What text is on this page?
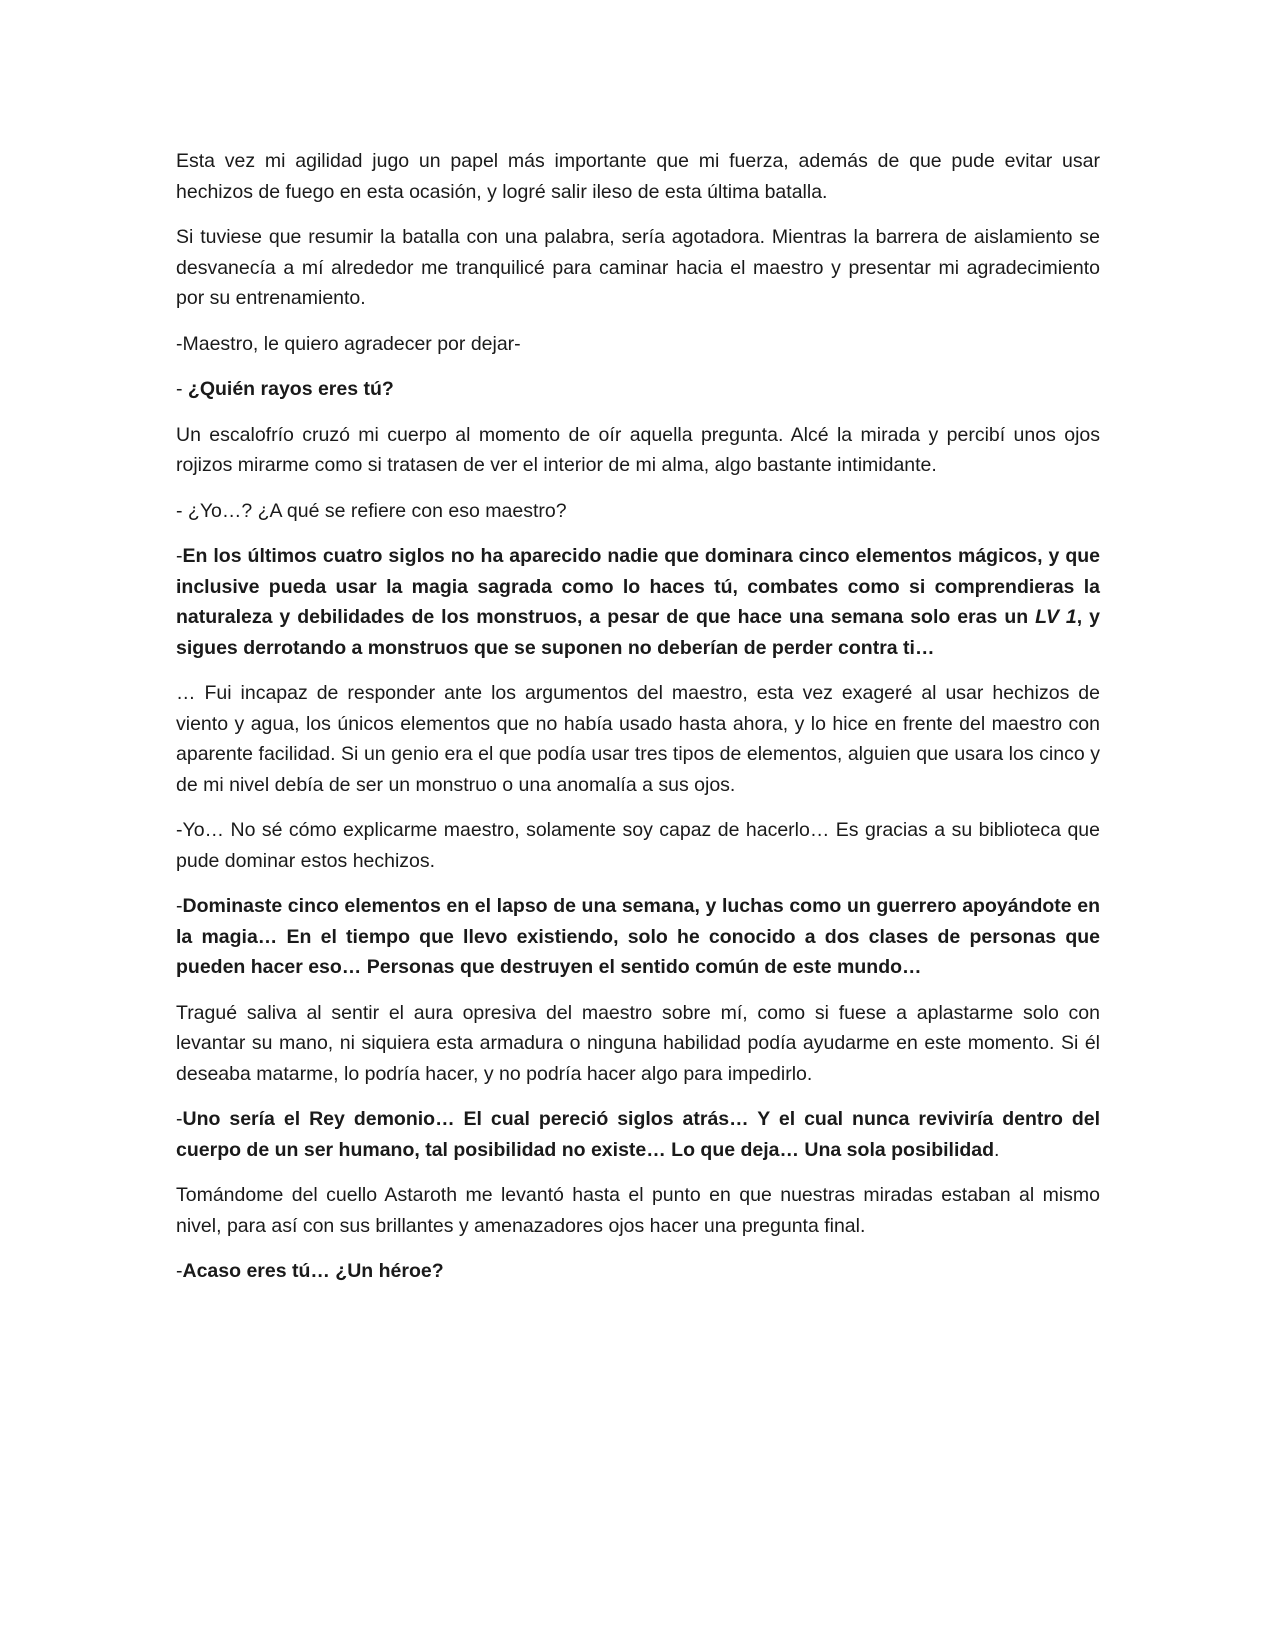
Esta vez mi agilidad jugo un papel más importante que mi fuerza, además de que pude evitar usar hechizos de fuego en esta ocasión, y logré salir ileso de esta última batalla.

Si tuviese que resumir la batalla con una palabra, sería agotadora. Mientras la barrera de aislamiento se desvanecía a mí alrededor me tranquilicé para caminar hacia el maestro y presentar mi agradecimiento por su entrenamiento.

-Maestro, le quiero agradecer por dejar-

- ¿Quién rayos eres tú?

Un escalofrío cruzó mi cuerpo al momento de oír aquella pregunta. Alcé la mirada y percibí unos ojos rojizos mirarme como si tratasen de ver el interior de mi alma, algo bastante intimidante.

- ¿Yo…? ¿A qué se refiere con eso maestro?

-En los últimos cuatro siglos no ha aparecido nadie que dominara cinco elementos mágicos, y que inclusive pueda usar la magia sagrada como lo haces tú, combates como si comprendieras la naturaleza y debilidades de los monstruos, a pesar de que hace una semana solo eras un LV 1, y sigues derrotando a monstruos que se suponen no deberían de perder contra ti…

… Fui incapaz de responder ante los argumentos del maestro, esta vez exageré al usar hechizos de viento y agua, los únicos elementos que no había usado hasta ahora, y lo hice en frente del maestro con aparente facilidad. Si un genio era el que podía usar tres tipos de elementos, alguien que usara los cinco y de mi nivel debía de ser un monstruo o una anomalía a sus ojos.

-Yo… No sé cómo explicarme maestro, solamente soy capaz de hacerlo… Es gracias a su biblioteca que pude dominar estos hechizos.

-Dominaste cinco elementos en el lapso de una semana, y luchas como un guerrero apoyándote en la magia… En el tiempo que llevo existiendo, solo he conocido a dos clases de personas que pueden hacer eso… Personas que destruyen el sentido común de este mundo…

Tragué saliva al sentir el aura opresiva del maestro sobre mí, como si fuese a aplastarme solo con levantar su mano, ni siquiera esta armadura o ninguna habilidad podía ayudarme en este momento. Si él deseaba matarme, lo podría hacer, y no podría hacer algo para impedirlo.

-Uno sería el Rey demonio… El cual pereció siglos atrás… Y el cual nunca reviviría dentro del cuerpo de un ser humano, tal posibilidad no existe… Lo que deja… Una sola posibilidad.

Tomándome del cuello Astaroth me levantó hasta el punto en que nuestras miradas estaban al mismo nivel, para así con sus brillantes y amenazadores ojos hacer una pregunta final.

-Acaso eres tú… ¿Un héroe?
